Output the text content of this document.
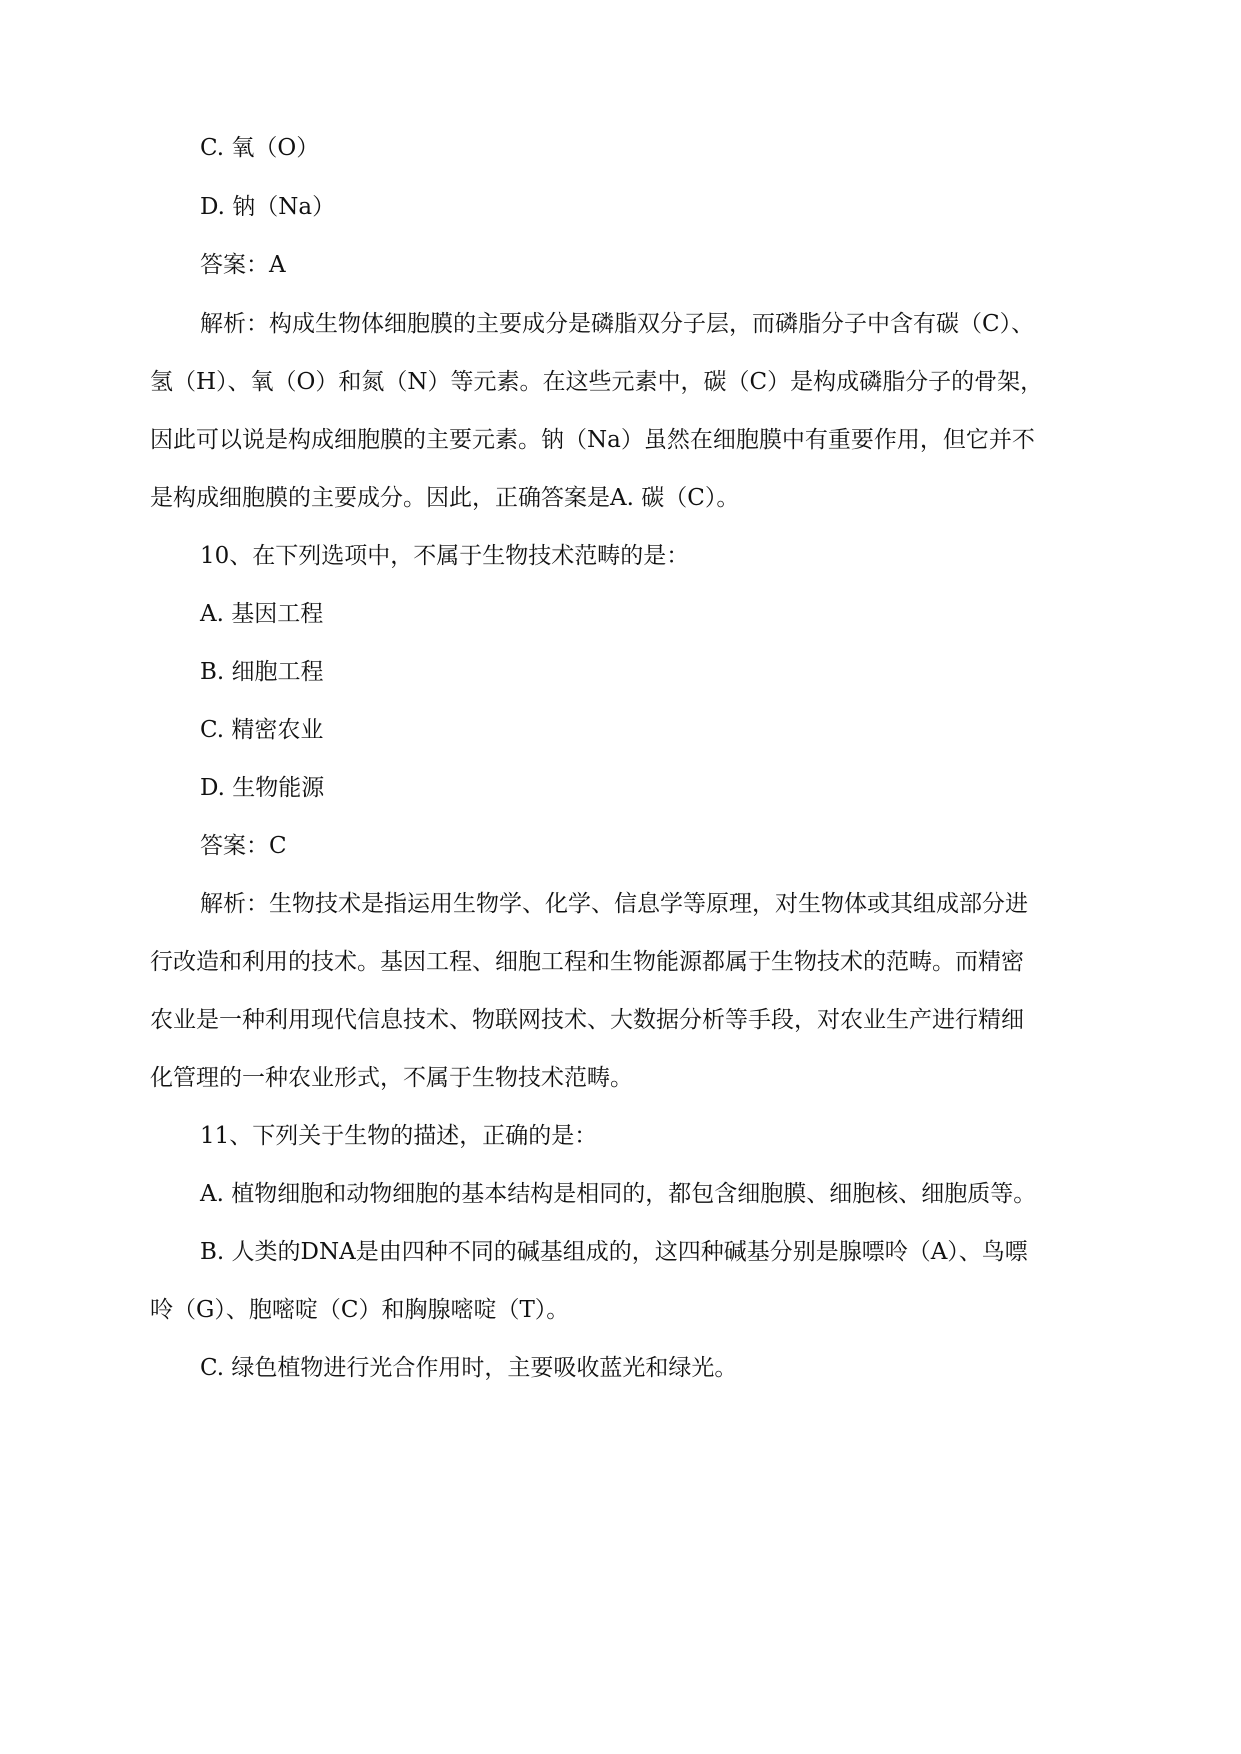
C. 氧（O）
D. 钠（Na）
答案：A
解析：构成生物体细胞膜的主要成分是磷脂双分子层，而磷脂分子中含有碳（C）、
氢（H）、氧（O）和氮（N）等元素。在这些元素中，碳（C）是构成磷脂分子的骨架，
因此可以说是构成细胞膜的主要元素。钠（Na）虽然在细胞膜中有重要作用，但它并不
是构成细胞膜的主要成分。因此，正确答案是A. 碳（C）。
10、在下列选项中，不属于生物技术范畴的是：
A. 基因工程
B. 细胞工程
C. 精密农业
D. 生物能源
答案：C
解析：生物技术是指运用生物学、化学、信息学等原理，对生物体或其组成部分进
行改造和利用的技术。基因工程、细胞工程和生物能源都属于生物技术的范畴。而精密
农业是一种利用现代信息技术、物联网技术、大数据分析等手段，对农业生产进行精细
化管理的一种农业形式，不属于生物技术范畴。
11、下列关于生物的描述，正确的是：
A. 植物细胞和动物细胞的基本结构是相同的，都包含细胞膜、细胞核、细胞质等。
B. 人类的DNA是由四种不同的碱基组成的，这四种碱基分别是腺嘌呤（A）、鸟嘌
呤（G）、胞嘧啶（C）和胸腺嘧啶（T）。
C. 绿色植物进行光合作用时，主要吸收蓝光和绿光。
